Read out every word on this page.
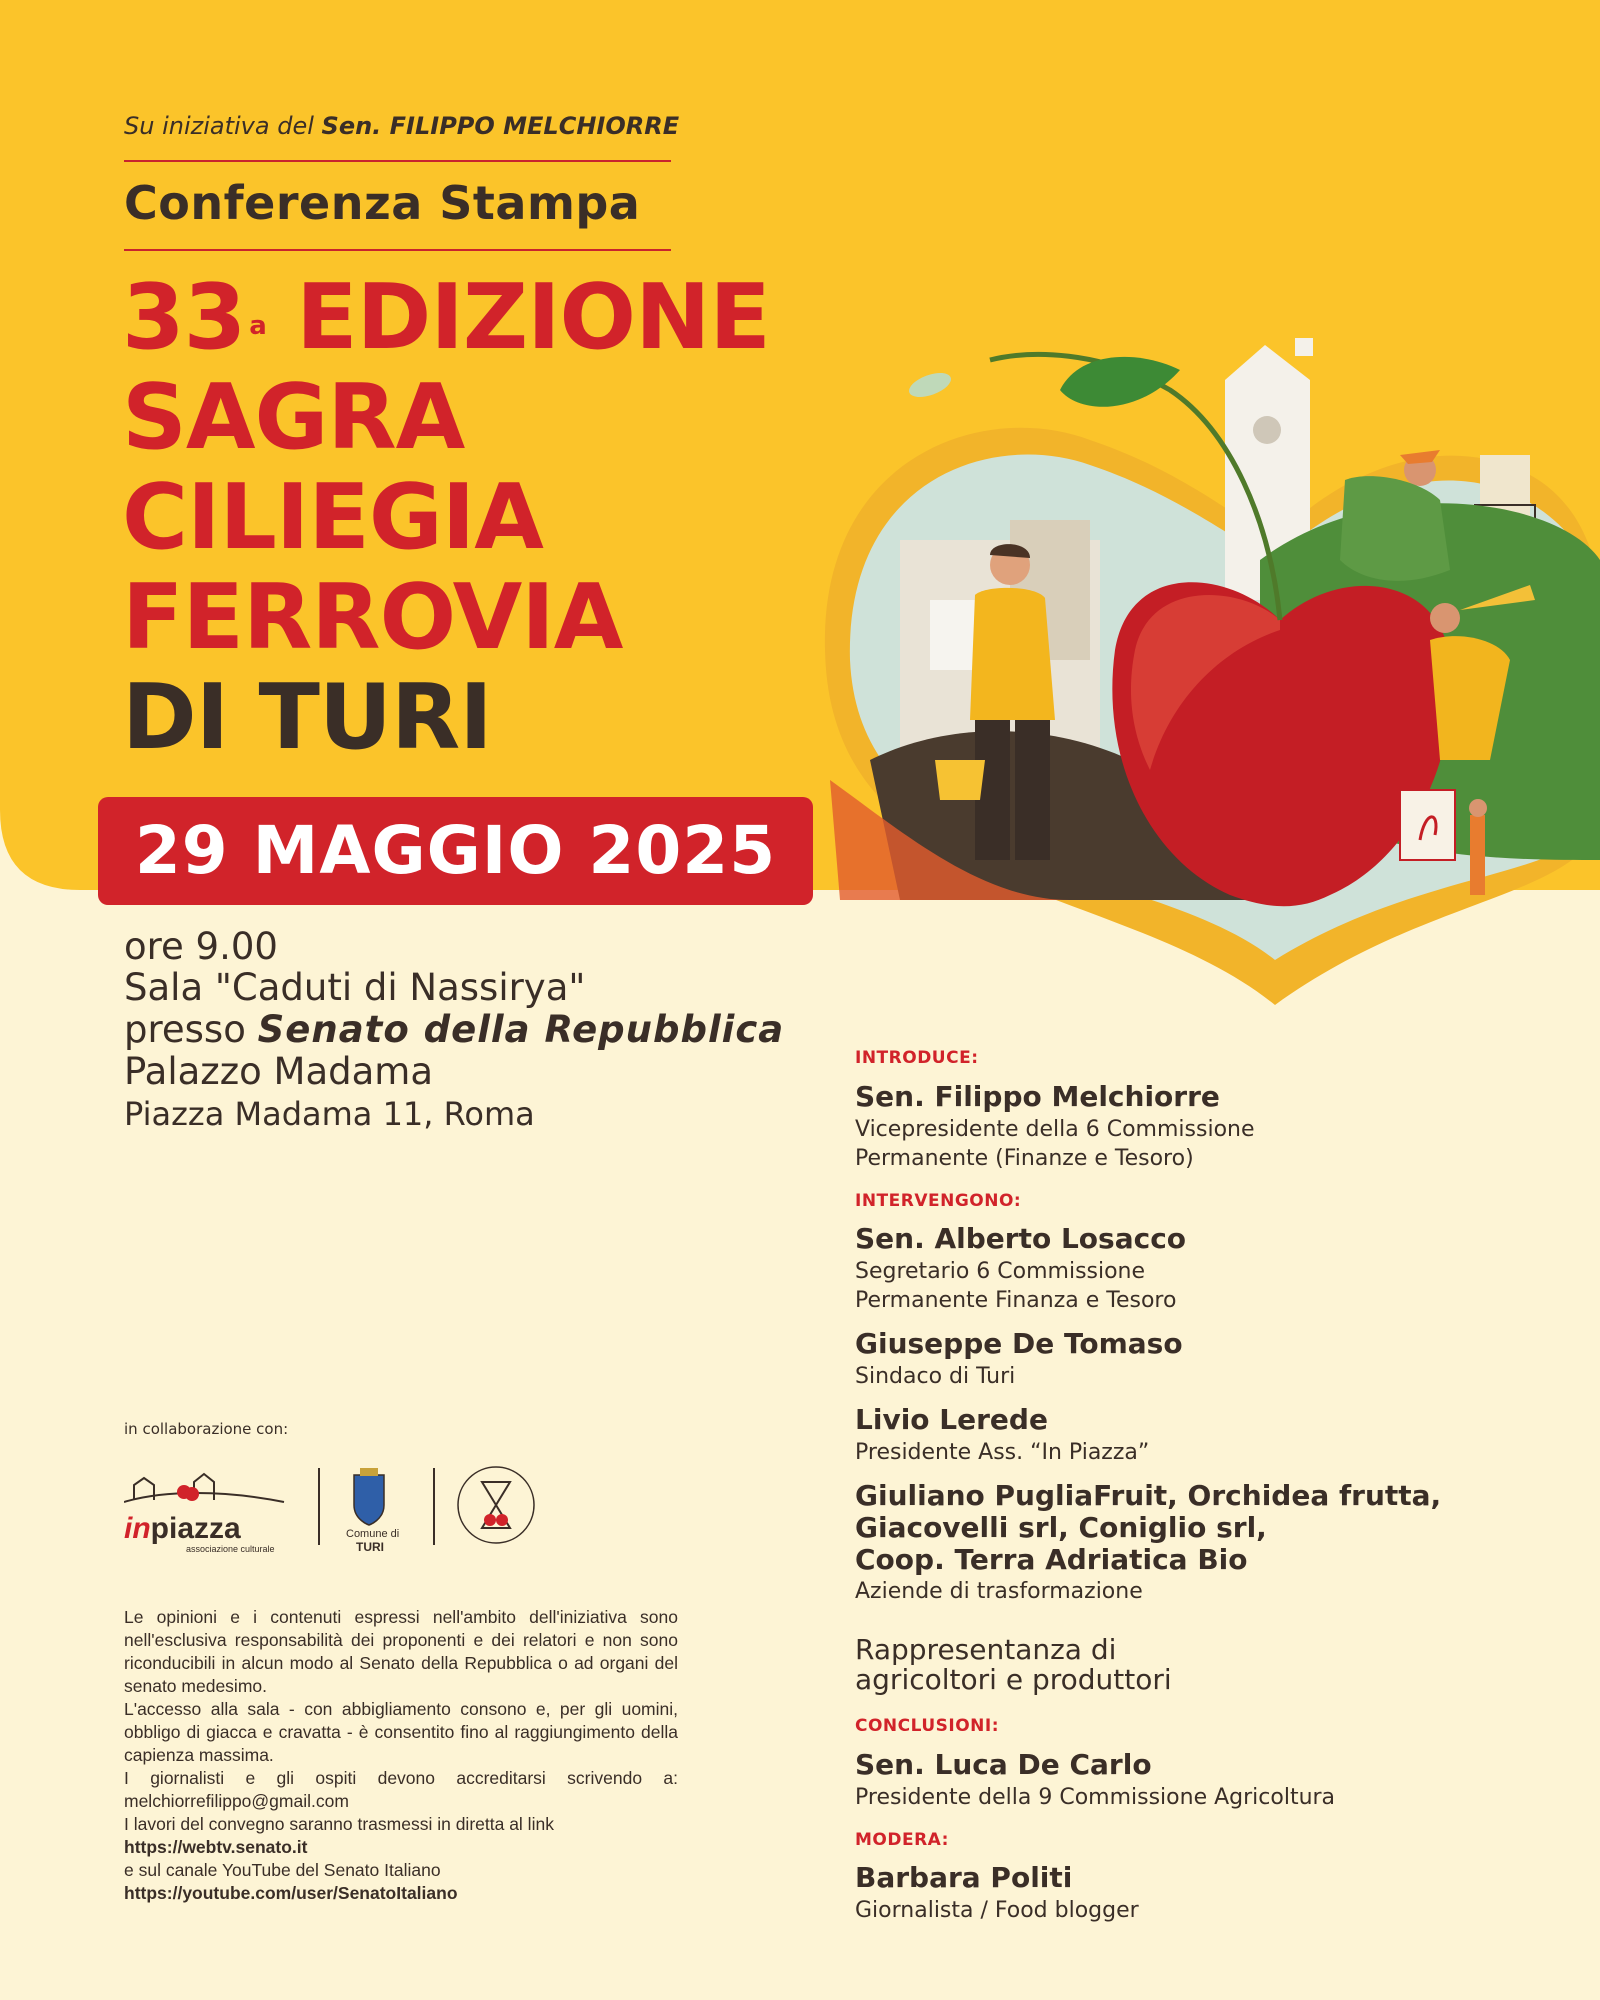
Su iniziativa del Sen. FILIPPO MELCHIORRE
Conferenza Stampa
33 $^a$ EDIZIONE
SAGRA
CILIEGIA
FERROVIA
DI TURI
29 MAGGIO 2025
ore 9.00
Sala "Caduti di Nassirya"
presso Senato della Repubblica
Palazzo Madama
Piazza Madama 11, Roma
in collaborazione con:
inpiazza
associazione culturale
Comune di
TURI
Le opinioni e i contenuti espressi nell'ambito dell'iniziativa sono nell'esclusiva responsabilità dei proponenti e dei relatori e non sono riconducibili in alcun modo al Senato della Repubblica o ad organi del senato medesimo.
L'accesso alla sala - con abbigliamento consono e, per gli uomini, obbligo di giacca e cravatta - è consentito fino al raggiungimento della capienza massima.
I giornalisti e gli ospiti devono accreditarsi scrivendo a: melchiorrefilippo@gmail.com
I lavori del convegno saranno trasmessi in diretta al link
https://webtv.senato.it
e sul canale YouTube del Senato Italiano
https://youtube.com/user/SenatoItaliano
INTRODUCE:
Sen. Filippo Melchiorre
Vicepresidente della 6 Commissione
Permanente (Finanze e Tesoro)
INTERVENGONO:
Sen. Alberto Losacco
Segretario 6 Commissione
Permanente Finanza e Tesoro
Giuseppe De Tomaso
Sindaco di Turi
Livio Lerede
Presidente Ass. “In Piazza”
Giuliano PugliaFruit, Orchidea frutta,
Giacovelli srl, Coniglio srl,
Coop. Terra Adriatica Bio
Aziende di trasformazione
Rappresentanza di
agricoltori e produttori
CONCLUSIONI:
Sen. Luca De Carlo
Presidente della 9 Commissione Agricoltura
MODERA:
Barbara Politi
Giornalista / Food blogger
